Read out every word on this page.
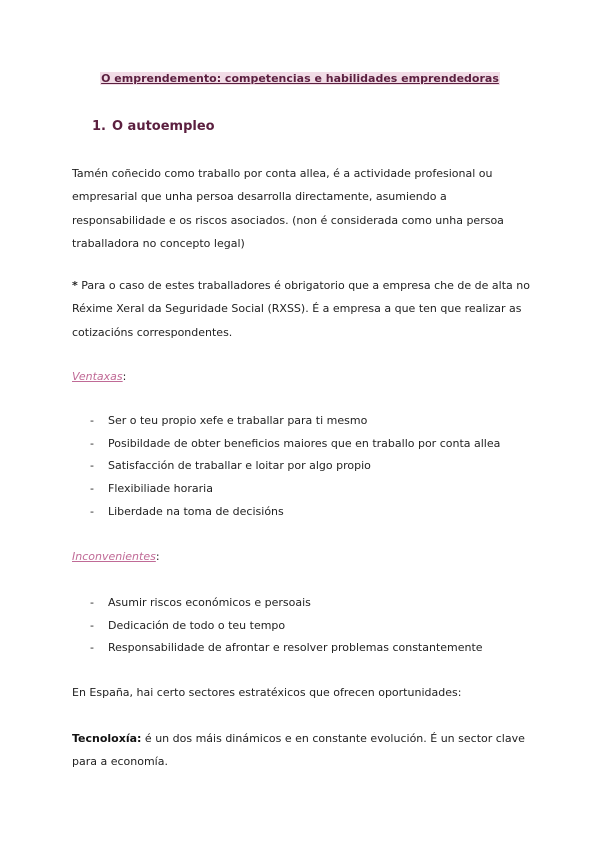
O emprendemento: competencias e habilidades emprendedoras
1. O autoempleo
Tamén coñecido como traballo por conta allea, é a actividade profesional ou empresarial que unha persoa desarrolla directamente, asumiendo a responsabilidade e os riscos asociados. (non é considerada como unha persoa traballadora no concepto legal)
* Para o caso de estes traballadores é obrigatorio que a empresa che de de alta no Réxime Xeral da Seguridade Social (RXSS). É a empresa a que ten que realizar as cotizacións correspondentes.
Ventaxas:
- Ser o teu propio xefe e traballar para ti mesmo
- Posibildade de obter beneficios maiores que en traballo por conta allea
- Satisfacción de traballar e loitar por algo propio
- Flexibiliade horaria
- Liberdade na toma de decisións
Inconvenientes:
- Asumir riscos económicos e persoais
- Dedicación de todo o teu tempo
- Responsabilidade de afrontar e resolver problemas constantemente
En España, hai certo sectores estratéxicos que ofrecen oportunidades:
Tecnoloxía: é un dos máis dinámicos e en constante evolución. É un sector clave para a economía.
